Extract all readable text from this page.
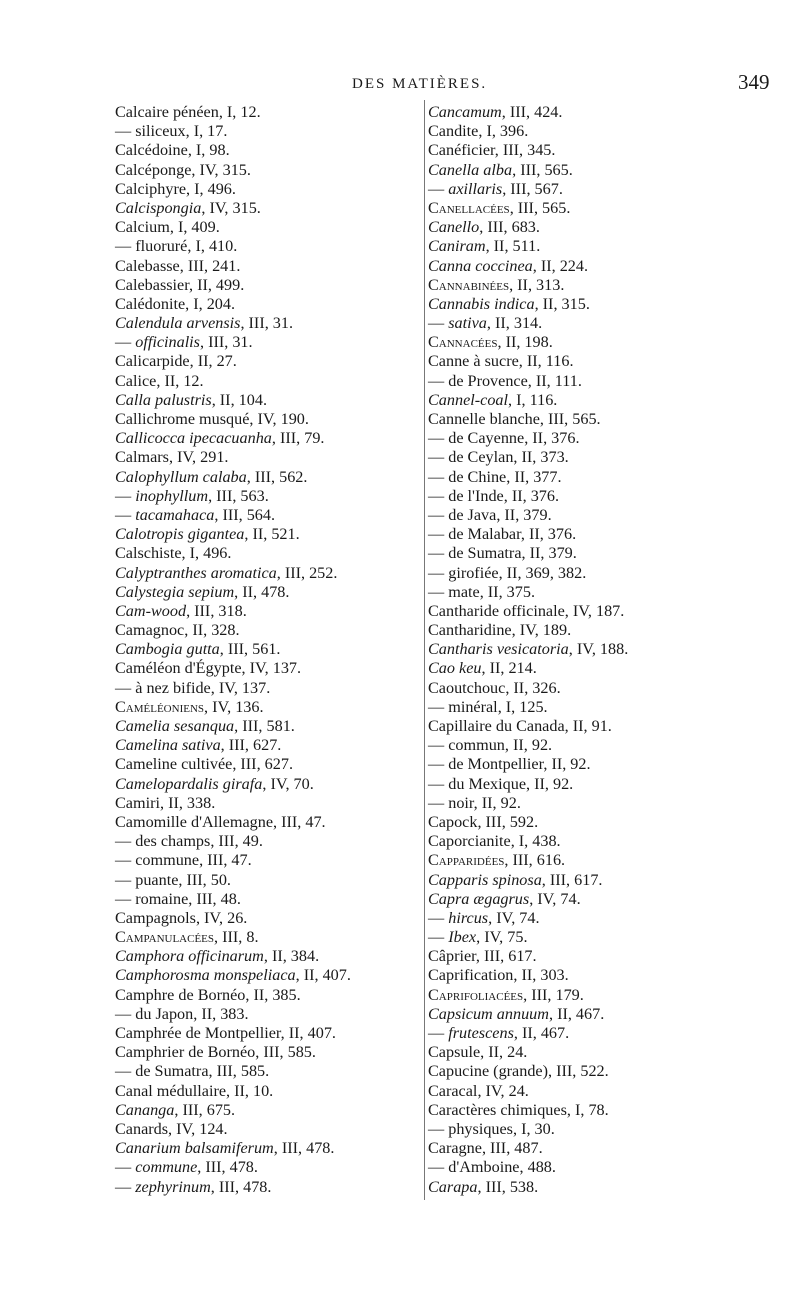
DES MATIÈRES.	349
Calcaire pénéen, I, 12.
— siliceux, I, 17.
Calcédoine, I, 98.
Calcéponge, IV, 315.
Calciphyre, I, 496.
Calcispongia, IV, 315.
Calcium, I, 409.
— fluoruré, I, 410.
Calebasse, III, 241.
Calebassier, II, 499.
Calédonite, I, 204.
Calendula arvensis, III, 31.
— officinalis, III, 31.
Calicarpide, II, 27.
Calice, II, 12.
Calla palustris, II, 104.
Callichrome musqué, IV, 190.
Callicocca ipecacuanha, III, 79.
Calmars, IV, 291.
Calophyllum calaba, III, 562.
— inophyllum, III, 563.
— tacamahaca, III, 564.
Calotropis gigantea, II, 521.
Calschiste, I, 496.
Calyptranthes aromatica, III, 252.
Calystegia sepium, II, 478.
Cam-wood, III, 318.
Camagnoc, II, 328.
Cambogia gutta, III, 561.
Caméléon d'Égypte, IV, 137.
— à nez bifide, IV, 137.
Caméléoniens, IV, 136.
Camelia sesanqua, III, 581.
Camelina sativa, III, 627.
Cameline cultivée, III, 627.
Camelopardalis girafa, IV, 70.
Camiri, II, 338.
Camomille d'Allemagne, III, 47.
— des champs, III, 49.
— commune, III, 47.
— puante, III, 50.
— romaine, III, 48.
Campagnols, IV, 26.
Campanulacées, III, 8.
Camphora officinarum, II, 384.
Camphorosma monspeliaca, II, 407.
Camphre de Bornéo, II, 385.
— du Japon, II, 383.
Camphrée de Montpellier, II, 407.
Camphrier de Bornéo, III, 585.
— de Sumatra, III, 585.
Canal médullaire, II, 10.
Cananga, III, 675.
Canards, IV, 124.
Canarium balsamiferum, III, 478.
— commune, III, 478.
— zephyrinum, III, 478.
Cancamum, III, 424.
Candite, I, 396.
Canéficier, III, 345.
Canella alba, III, 565.
— axillaris, III, 567.
Canellacées, III, 565.
Canello, III, 683.
Caniram, II, 511.
Canna coccinea, II, 224.
Cannabinées, II, 313.
Cannabis indica, II, 315.
— sativa, II, 314.
Cannacées, II, 198.
Canne à sucre, II, 116.
— de Provence, II, 111.
Cannel-coal, I, 116.
Cannelle blanche, III, 565.
— de Cayenne, II, 376.
— de Ceylan, II, 373.
— de Chine, II, 377.
— de l'Inde, II, 376.
— de Java, II, 379.
— de Malabar, II, 376.
— de Sumatra, II, 379.
— girofiée, II, 369, 382.
— mate, II, 375.
Cantharide officinale, IV, 187.
Cantharidine, IV, 189.
Cantharis vesicatoria, IV, 188.
Cao keu, II, 214.
Caoutchouc, II, 326.
— minéral, I, 125.
Capillaire du Canada, II, 91.
— commun, II, 92.
— de Montpellier, II, 92.
— du Mexique, II, 92.
— noir, II, 92.
Capock, III, 592.
Caporcianite, I, 438.
Capparidées, III, 616.
Capparis spinosa, III, 617.
Capra ægagrus, IV, 74.
— hircus, IV, 74.
— Ibex, IV, 75.
Câprier, III, 617.
Caprification, II, 303.
Caprifoliacées, III, 179.
Capsicum annuum, II, 467.
— frutescens, II, 467.
Capsule, II, 24.
Capucine (grande), III, 522.
Caracal, IV, 24.
Caractères chimiques, I, 78.
— physiques, I, 30.
Caragne, III, 487.
— d'Amboine, 488.
Carapa, III, 538.
